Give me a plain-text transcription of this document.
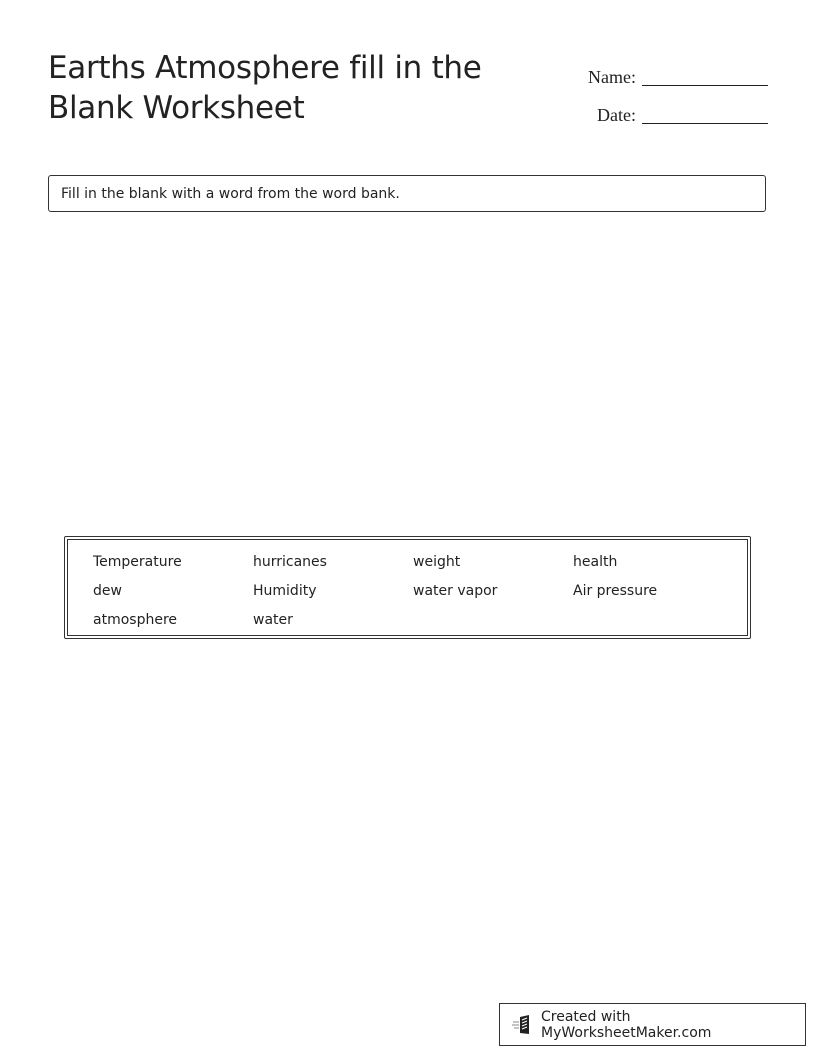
Earths Atmosphere fill in the Blank Worksheet
Name:
Date:
Fill in the blank with a word from the word bank.
Temperature	hurricanes	weight	health
dew	Humidity	water vapor	Air pressure
atmosphere	water
Created with MyWorksheetMaker.com
